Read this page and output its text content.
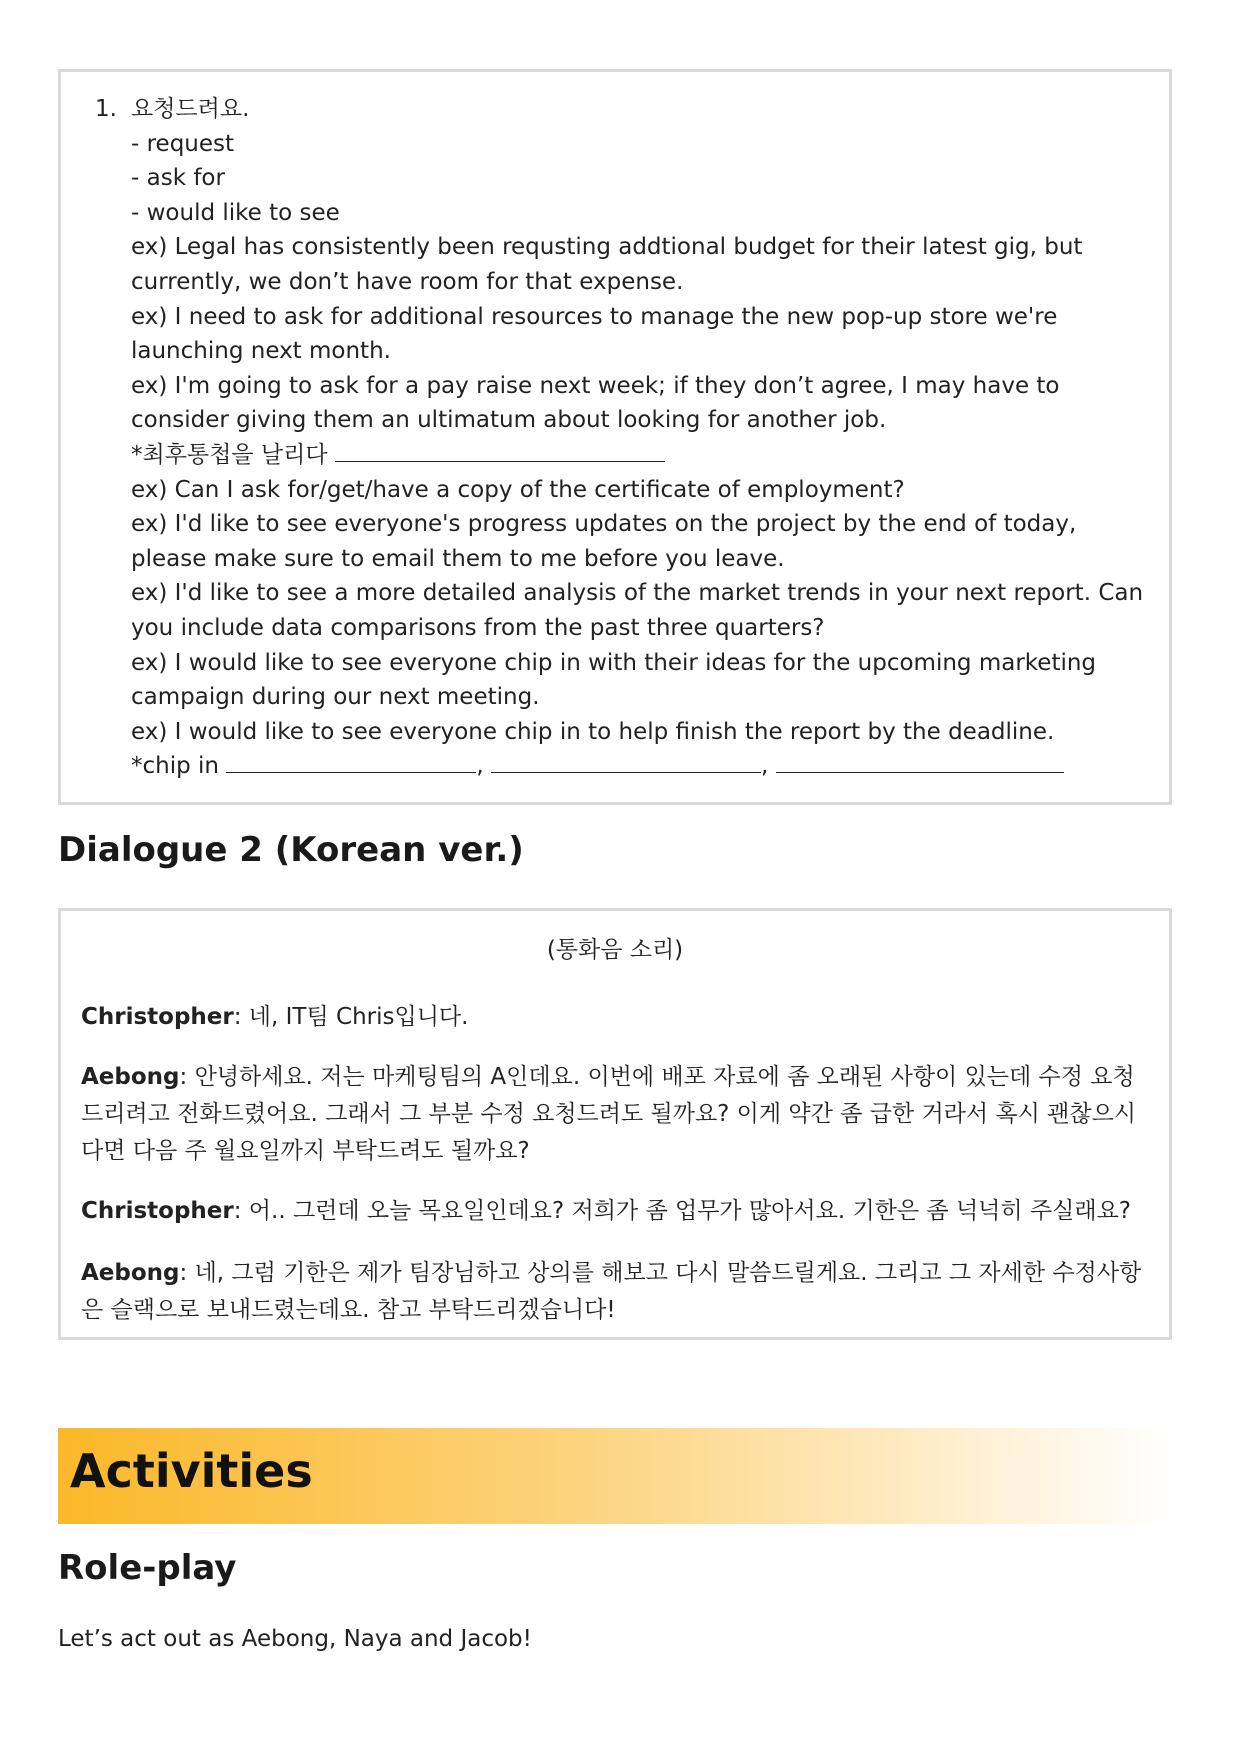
1. 요청드려요.
- request
- ask for
- would like to see
ex) Legal has consistently been requsting addtional budget for their latest gig, but currently, we don’t have room for that expense.
ex) I need to ask for additional resources to manage the new pop-up store we're launching next month.
ex) I'm going to ask for a pay raise next week; if they don’t agree, I may have to consider giving them an ultimatum about looking for another job.
*최후통첩을 날리다
ex) Can I ask for/get/have a copy of the certificate of employment?
ex) I'd like to see everyone's progress updates on the project by the end of today, please make sure to email them to me before you leave.
ex) I'd like to see a more detailed analysis of the market trends in your next report. Can you include data comparisons from the past three quarters?
ex) I would like to see everyone chip in with their ideas for the upcoming marketing campaign during our next meeting.
ex) I would like to see everyone chip in to help finish the report by the deadline.
*chip in	,	,
Dialogue 2 (Korean ver.)
(통화음 소리)
Christopher: 네, IT팀 Chris입니다.
Aebong: 안녕하세요. 저는 마케팅팀의 A인데요. 이번에 배포 자료에 좀 오래된 사항이 있는데 수정 요청드리려고 전화드렸어요. 그래서 그 부분 수정 요청드려도 될까요? 이게 약간 좀 급한 거라서 혹시 괜찮으시다면 다음 주 월요일까지 부탁드려도 될까요?
Christopher: 어.. 그런데 오늘 목요일인데요? 저희가 좀 업무가 많아서요. 기한은 좀 넉넉히 주실래요?
Aebong: 네, 그럼 기한은 제가 팀장님하고 상의를 해보고 다시 말씀드릴게요. 그리고 그 자세한 수정사항은 슬랙으로 보내드렸는데요. 참고 부탁드리겠습니다!
Activities
Role-play
Let’s act out as Aebong, Naya and Jacob!
